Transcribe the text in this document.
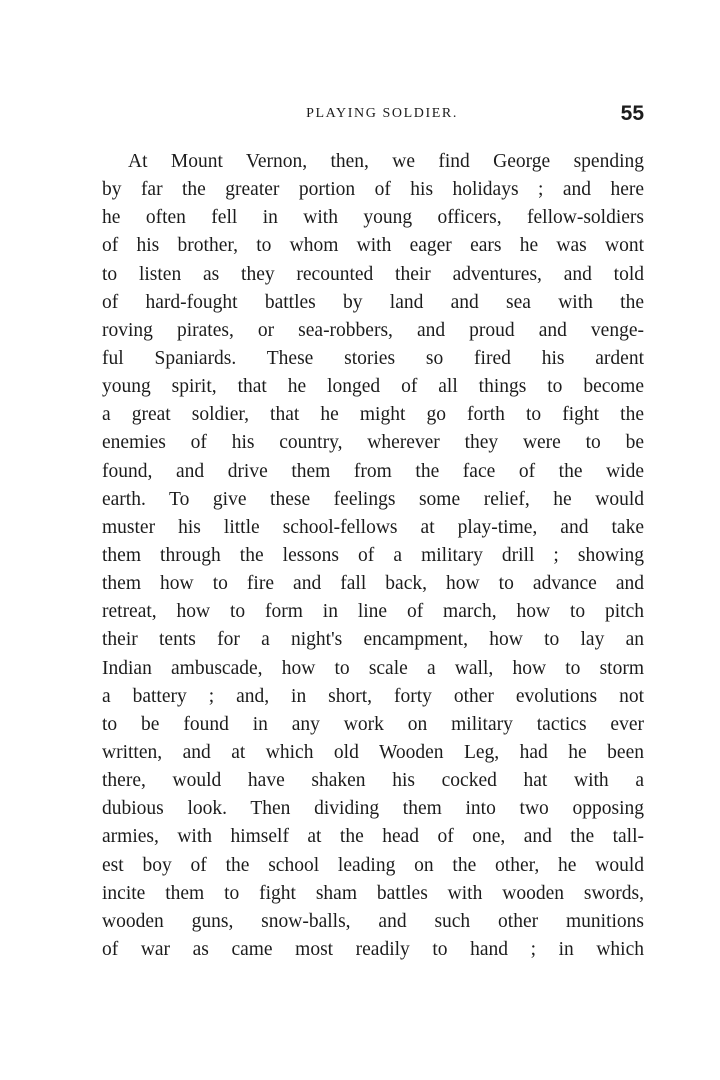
PLAYING SOLDIER.	55
At Mount Vernon, then, we find George spending
by far the greater portion of his holidays ; and here
he often fell in with young officers, fellow-soldiers
of his brother, to whom with eager ears he was wont
to listen as they recounted their adventures, and told
of hard-fought battles by land and sea with the
roving pirates, or sea-robbers, and proud and venge-
ful Spaniards. These stories so fired his ardent
young spirit, that he longed of all things to become
a great soldier, that he might go forth to fight the
enemies of his country, wherever they were to be
found, and drive them from the face of the wide
earth. To give these feelings some relief, he would
muster his little school-fellows at play-time, and take
them through the lessons of a military drill ; showing
them how to fire and fall back, how to advance and
retreat, how to form in line of march, how to pitch
their tents for a night's encampment, how to lay an
Indian ambuscade, how to scale a wall, how to storm
a battery ; and, in short, forty other evolutions not
to be found in any work on military tactics ever
written, and at which old Wooden Leg, had he been
there, would have shaken his cocked hat with a
dubious look. Then dividing them into two opposing
armies, with himself at the head of one, and the tall-
est boy of the school leading on the other, he would
incite them to fight sham battles with wooden swords,
wooden guns, snow-balls, and such other munitions
of war as came most readily to hand ; in which
